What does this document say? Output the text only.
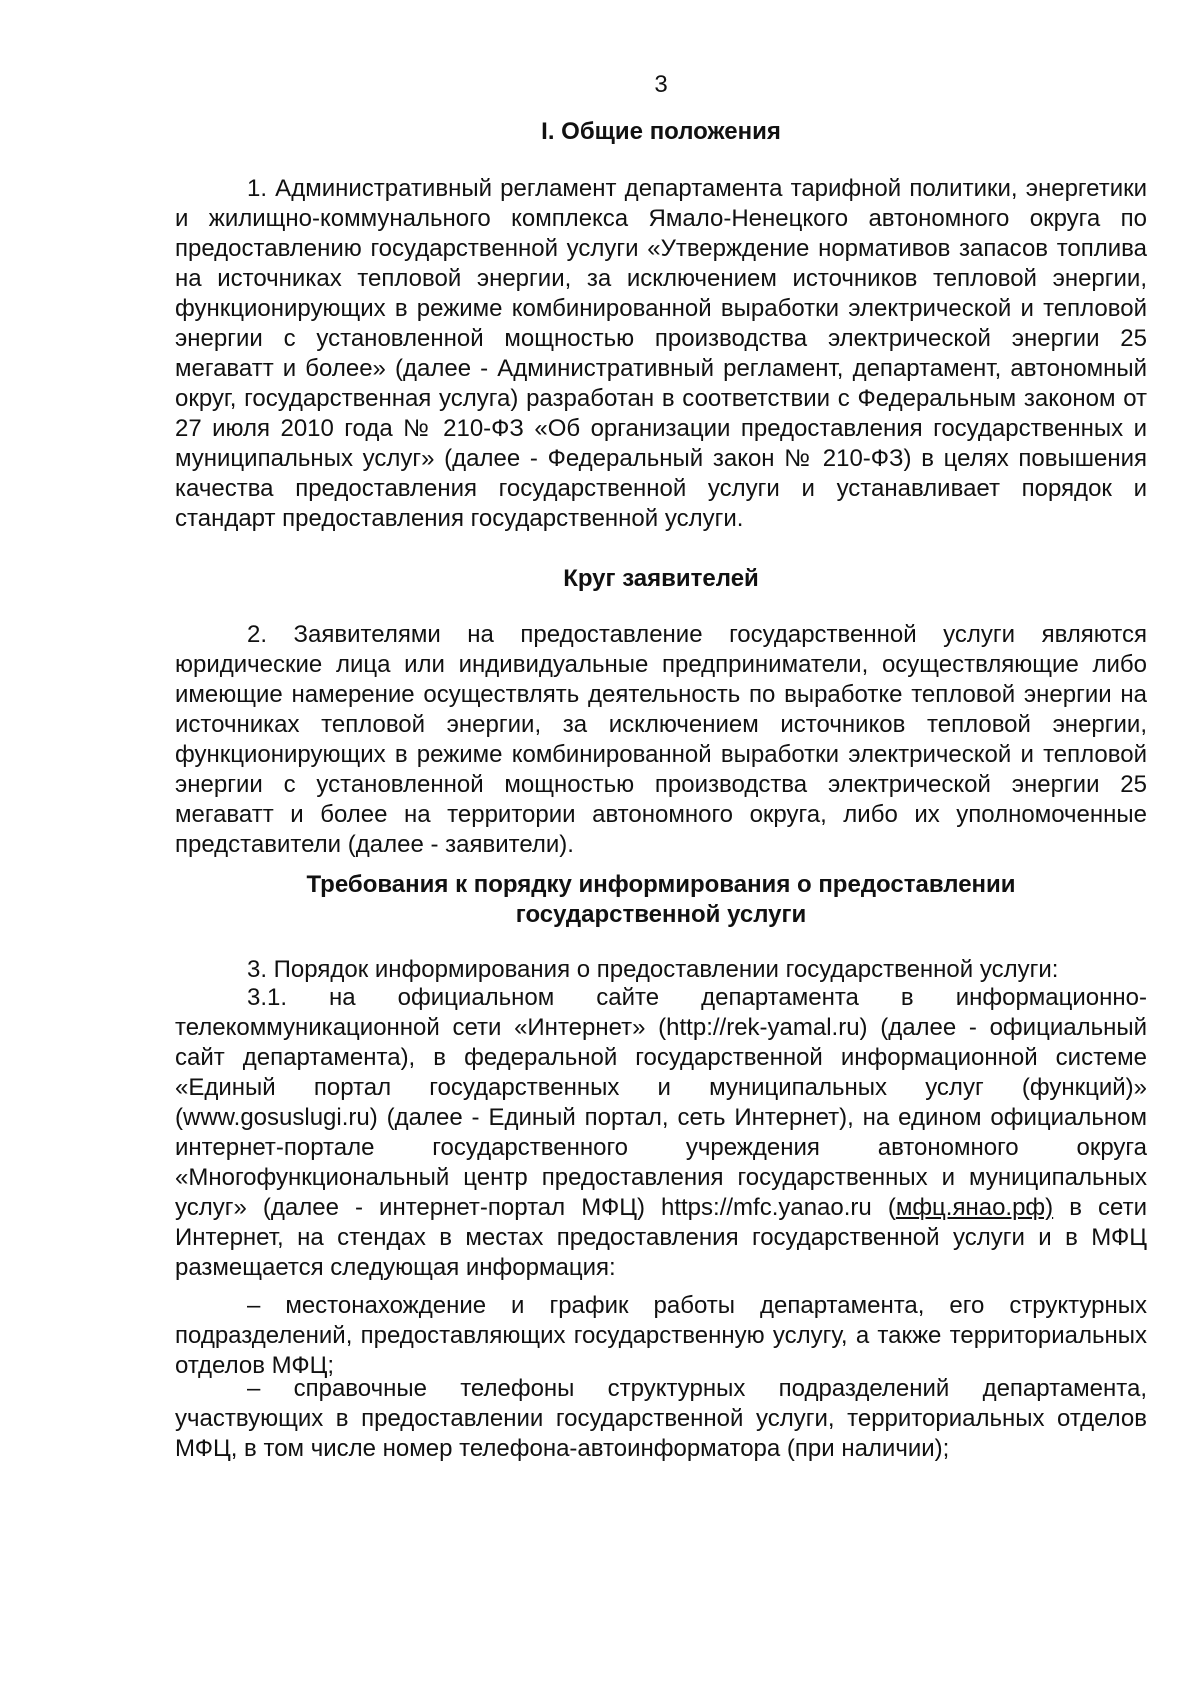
3
I. Общие положения

1. Административный регламент департамента тарифной политики, энергетики и жилищно-коммунального комплекса Ямало-Ненецкого автономного округа по предоставлению государственной услуги «Утверждение нормативов запасов топлива на источниках тепловой энергии, за исключением источников тепловой энергии, функционирующих в режиме комбинированной выработки электрической и тепловой энергии с установленной мощностью производства электрической энергии 25 мегаватт и более» (далее - Административный регламент, департамент, автономный округ, государственная услуга) разработан в соответствии с Федеральным законом от 27 июля 2010 года № 210-ФЗ «Об организации предоставления государственных и муниципальных услуг» (далее - Федеральный закон № 210-ФЗ) в целях повышения качества предоставления государственной услуги и устанавливает порядок и стандарт предоставления государственной услуги.

Круг заявителей

2. Заявителями на предоставление государственной услуги являются юридические лица или индивидуальные предприниматели, осуществляющие либо имеющие намерение осуществлять деятельность по выработке тепловой энергии на источниках тепловой энергии, за исключением источников тепловой энергии, функционирующих в режиме комбинированной выработки электрической и тепловой энергии с установленной мощностью производства электрической энергии 25 мегаватт и более на территории автономного округа, либо их уполномоченные представители (далее - заявители).

Требования к порядку информирования о предоставлении
государственной услуги

3. Порядок информирования о предоставлении государственной услуги:

3.1. на официальном сайте департамента в информационно-телекоммуникационной сети «Интернет» (http://rek-yamal.ru) (далее - официальный сайт департамента), в федеральной государственной информационной системе «Единый портал государственных и муниципальных услуг (функций)» (www.gosuslugi.ru) (далее - Единый портал, сеть Интернет), на едином официальном интернет-портале государственного учреждения автономного округа «Многофункциональный центр предоставления государственных и муниципальных услуг» (далее - интернет-портал МФЦ) https://mfc.yanao.ru (мфц.янао.рф) в сети Интернет, на стендах в местах предоставления государственной услуги и в МФЦ размещается следующая информация:

– местонахождение и график работы департамента, его структурных подразделений, предоставляющих государственную услугу, а также территориальных отделов МФЦ;

– справочные телефоны структурных подразделений департамента, участвующих в предоставлении государственной услуги, территориальных отделов МФЦ, в том числе номер телефона-автоинформатора (при наличии);
